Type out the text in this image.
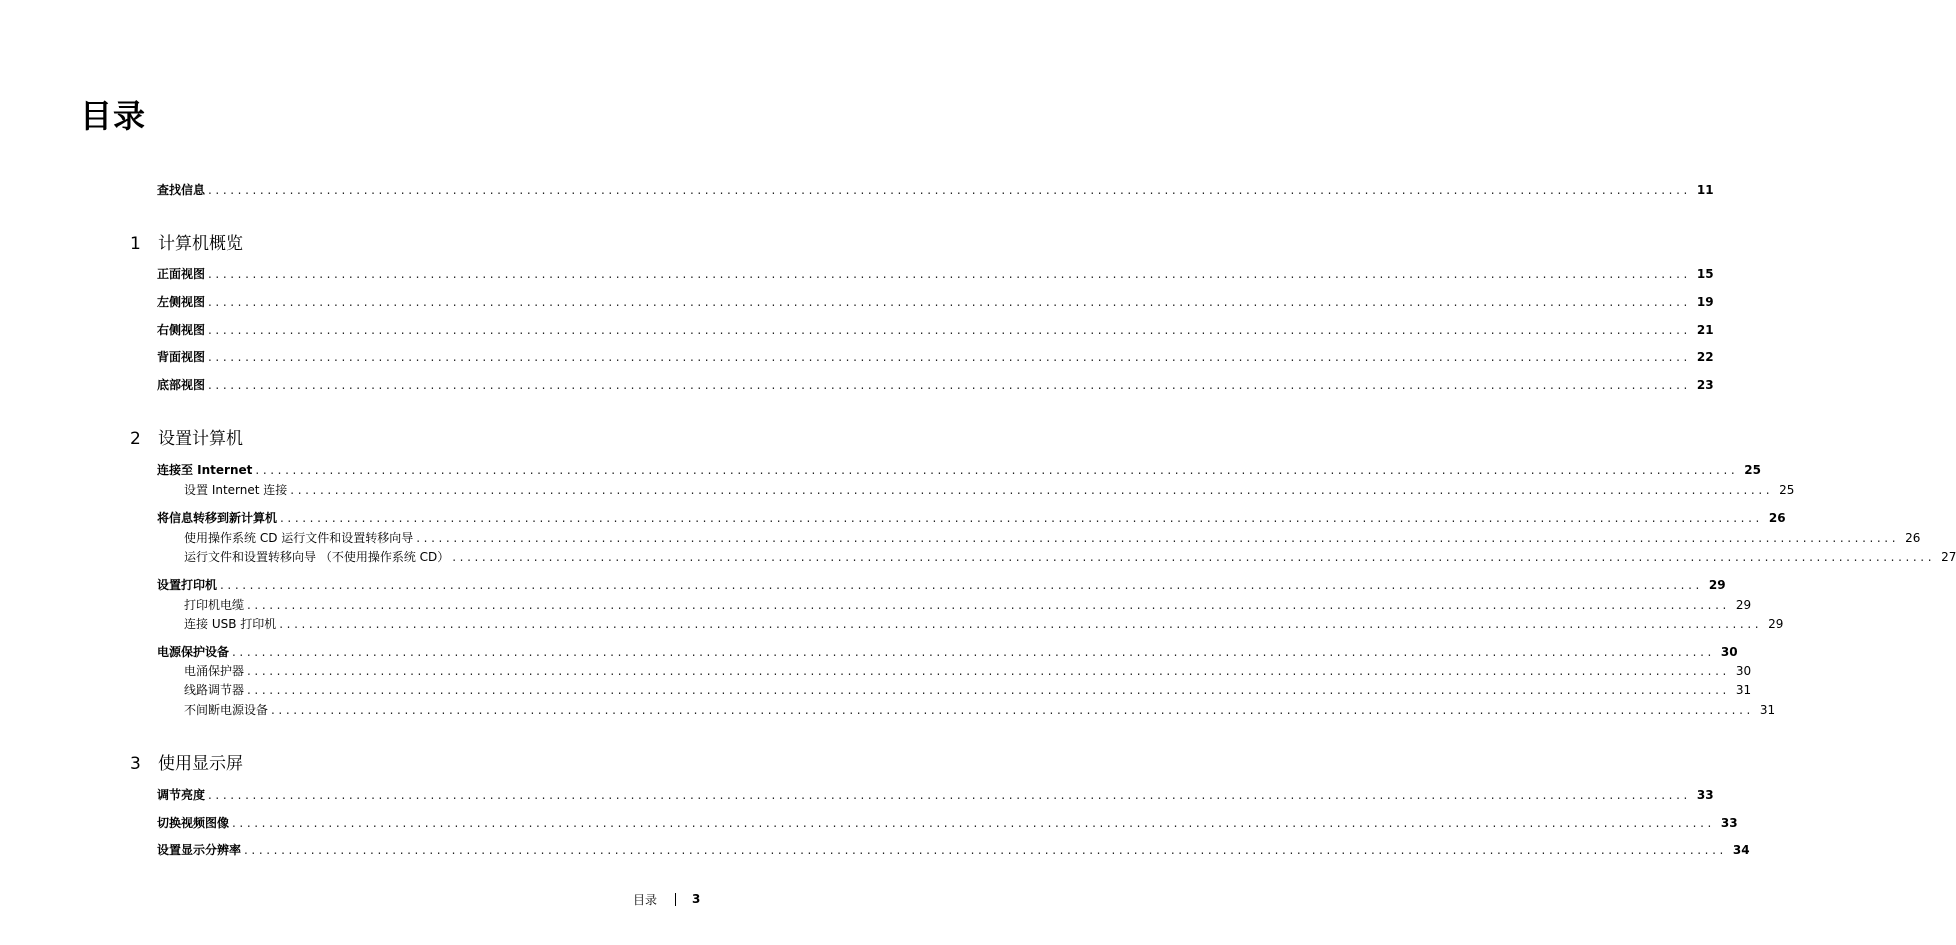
目录
查找信息 ........................................................................................................................................................................................................ 11
1	计算机概览
正面视图 ........................................................................................................................................................................................................ 15
左侧视图 ........................................................................................................................................................................................................ 19
右侧视图 ........................................................................................................................................................................................................ 21
背面视图 ........................................................................................................................................................................................................ 22
底部视图 ........................................................................................................................................................................................................ 23
2	设置计算机
连接至 Internet ........................................................................................................................................................................................................ 25
设置 Internet 连接 ........................................................................................................................................................................................................ 25
将信息转移到新计算机 ........................................................................................................................................................................................................ 26
使用操作系统 CD 运行文件和设置转移向导 ........................................................................................................................................................................................................ 26
运行文件和设置转移向导 （不使用操作系统 CD） ........................................................................................................................................................................................................ 27
设置打印机 ........................................................................................................................................................................................................ 29
打印机电缆 ........................................................................................................................................................................................................ 29
连接 USB 打印机 ........................................................................................................................................................................................................ 29
电源保护设备 ........................................................................................................................................................................................................ 30
电涌保护器 ........................................................................................................................................................................................................ 30
线路调节器 ........................................................................................................................................................................................................ 31
不间断电源设备 ........................................................................................................................................................................................................ 31
3	使用显示屏
调节亮度 ........................................................................................................................................................................................................ 33
切换视频图像 ........................................................................................................................................................................................................ 33
设置显示分辨率 ........................................................................................................................................................................................................ 34
目录	3
